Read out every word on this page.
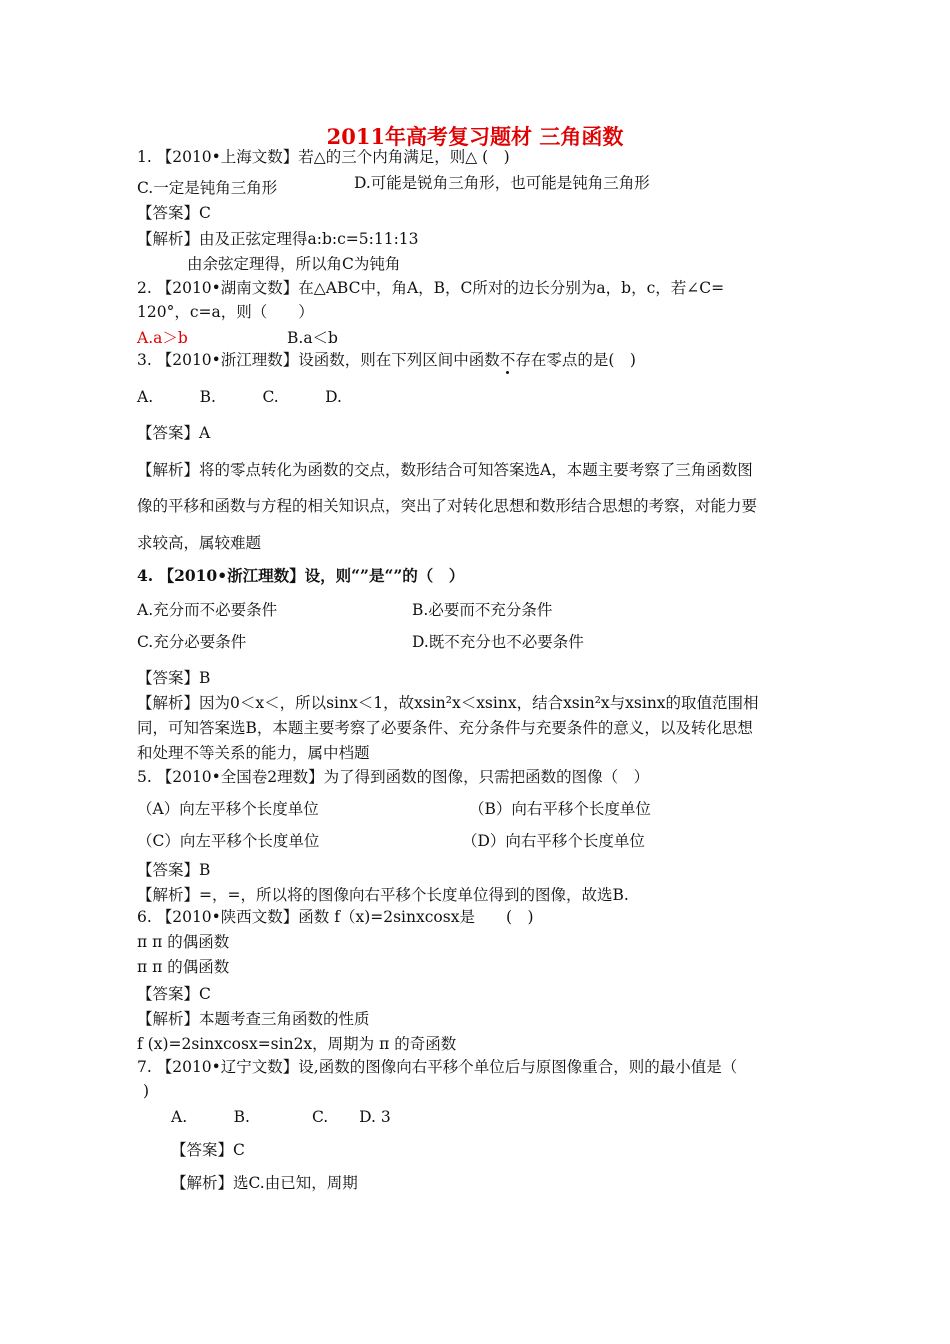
2011年高考复习题材 三角函数
1. 【2010•上海文数】若△的三个内角满足，则△ (　)
C.一定是钝角三角形	D.可能是锐角三角形，也可能是钝角三角形
【答案】C
【解析】由及正弦定理得a:b:c=5:11:13
由余弦定理得，所以角C为钝角
2. 【2010•湖南文数】在△ABC中，角A，B，C所对的边长分别为a，b，c，若∠C=
120°，c=a，则（　　）
A.a＞b	B.a＜b
3. 【2010•浙江理数】设函数，则在下列区间中函数不存在零点的是(　)
A.　　　B.　　　C.　　　D.
【答案】A
【解析】将的零点转化为函数的交点，数形结合可知答案选A，本题主要考察了三角函数图
像的平移和函数与方程的相关知识点，突出了对转化思想和数形结合思想的考察，对能力要
求较高，属较难题
4. 【2010•浙江理数】设，则“”是“”的（　）
A.充分而不必要条件	B.必要而不充分条件
C.充分必要条件	D.既不充分也不必要条件
【答案】B
【解析】因为0＜x＜，所以sinx＜1，故xsin²x＜xsinx，结合xsin²x与xsinx的取值范围相
同，可知答案选B，本题主要考察了必要条件、充分条件与充要条件的意义，以及转化思想
和处理不等关系的能力，属中档题
5. 【2010•全国卷2理数】为了得到函数的图像，只需把函数的图像（　）
（A）向左平移个长度单位	（B）向右平移个长度单位
（C）向左平移个长度单位	（D）向右平移个长度单位
【答案】B
【解析】=，=，所以将的图像向右平移个长度单位得到的图像，故选B.
6. 【2010•陕西文数】函数 f（x)=2sinxcosx是　　(　)
π π 的偶函数
π π 的偶函数
【答案】C
【解析】本题考查三角函数的性质
f (x)=2sinxcosx=sin2x，周期为 π 的奇函数
7. 【2010•辽宁文数】设,函数的图像向右平移个单位后与原图像重合，则的最小值是（
)
A.　　　B.　　　　C.　　D. 3
【答案】C
【解析】选C.由已知，周期
